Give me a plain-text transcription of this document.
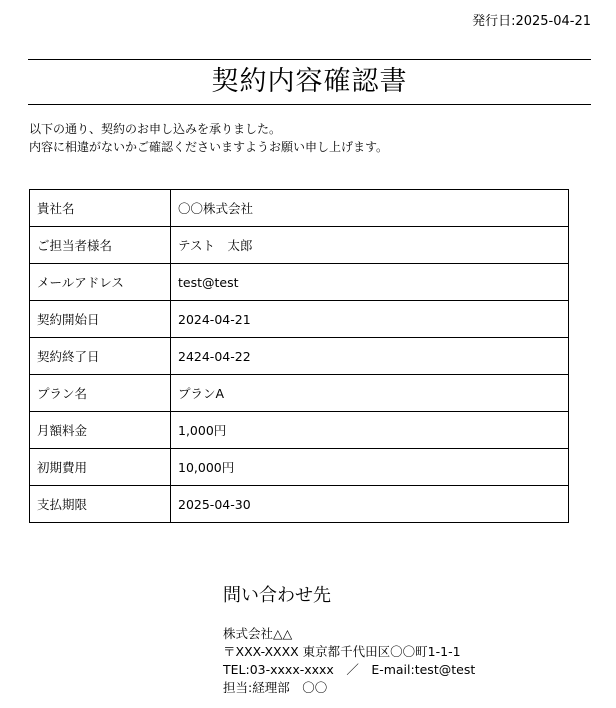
発行日:2025-04-21
契約内容確認書
以下の通り、契約のお申し込みを承りました。
内容に相違がないかご確認くださいますようお願い申し上げます。
貴社名	〇〇株式会社
ご担当者様名	テスト　太郎
メールアドレス	test@test
契約開始日	2024-04-21
契約終了日	2424-04-22
プラン名	プランA
月額料金	1,000円
初期費用	10,000円
支払期限	2025-04-30
問い合わせ先
株式会社△△
〒XXX-XXXX 東京都千代田区〇〇町1-1-1
TEL:03-xxxx-xxxx　／　E-mail:test@test
担当:経理部　〇〇
